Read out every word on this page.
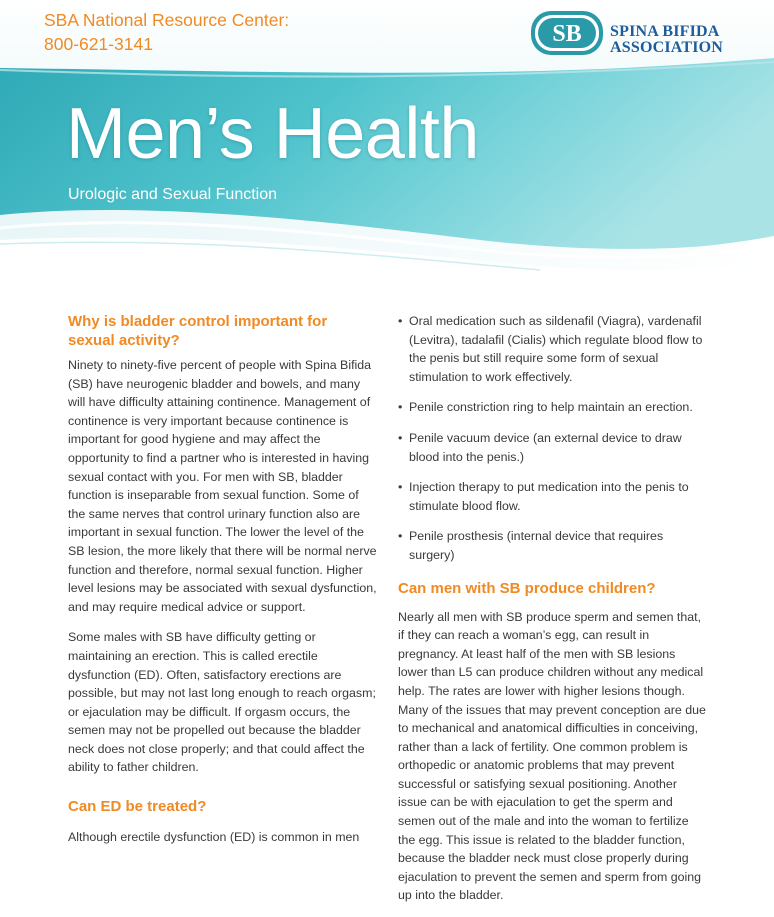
SBA National Resource Center:
800-621-3141	SB SPINA BIFIDA
ASSOCIATION
Men’s Health
Urologic and Sexual Function
Why is bladder control important for sexual activity?

Ninety to ninety-five percent of people with Spina Bifida (SB) have neurogenic bladder and bowels, and many will have difficulty attaining continence. Management of continence is very important because continence is important for good hygiene and may affect the opportunity to find a partner who is interested in having sexual contact with you. For men with SB, bladder function is inseparable from sexual function. Some of the same nerves that control urinary function also are important in sexual function. The lower the level of the SB lesion, the more likely that there will be normal nerve function and therefore, normal sexual function. Higher level lesions may be associated with sexual dysfunction, and may require medical advice or support.

Some males with SB have difficulty getting or maintaining an erection. This is called erectile dysfunction (ED). Often, satisfactory erections are possible, but may not last long enough to reach orgasm; or ejaculation may be difficult. If orgasm occurs, the semen may not be propelled out because the bladder neck does not close properly; and that could affect the ability to father children.

Can ED be treated?

Although erectile dysfunction (ED) is common in men

• Oral medication such as sildenafil (Viagra), vardenafil (Levitra), tadalafil (Cialis) which regulate blood flow to the penis but still require some form of sexual stimulation to work effectively.
• Penile constriction ring to help maintain an erection.
• Penile vacuum device (an external device to draw blood into the penis.)
• Injection therapy to put medication into the penis to stimulate blood flow.
• Penile prosthesis (internal device that requires surgery)
Can men with SB produce children?

Nearly all men with SB produce sperm and semen that, if they can reach a woman’s egg, can result in pregnancy. At least half of the men with SB lesions lower than L5 can produce children without any medical help. The rates are lower with higher lesions though. Many of the issues that may prevent conception are due to mechanical and anatomical difficulties in conceiving, rather than a lack of fertility. One common problem is orthopedic or anatomic problems that may prevent successful or satisfying sexual positioning. Another issue can be with ejaculation to get the sperm and semen out of the male and into the woman to fertilize the egg. This issue is related to the bladder function, because the bladder neck must close properly during ejaculation to prevent the semen and sperm from going up into the bladder.
